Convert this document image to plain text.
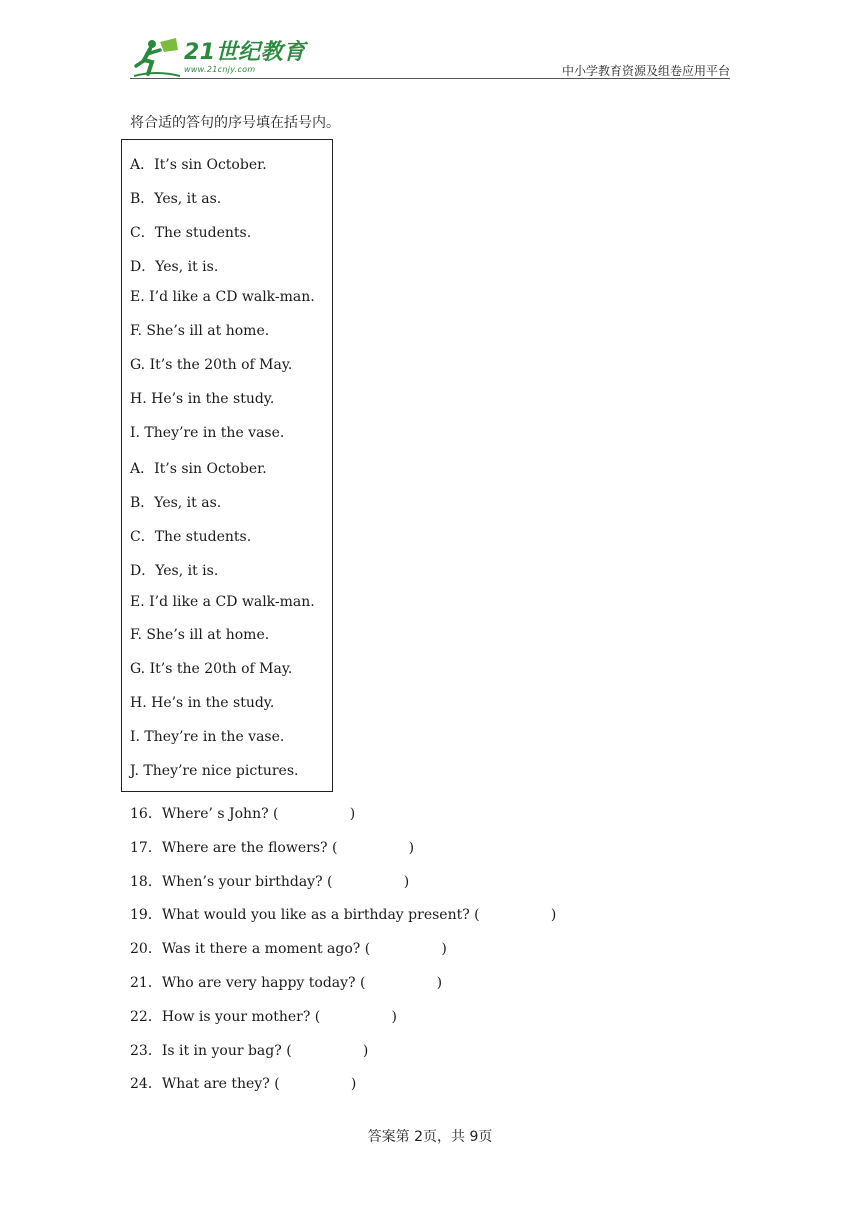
21世纪教育
www.21cnjy.com	中小学教育资源及组卷应用平台
将合适的答句的序号填在括号内。
A．It’s sin October.
B．Yes, it as.
C．The students.
D．Yes, it is.
E. I’d like a CD walk-man.
F. She’s ill at home.
G. It’s the 20th of May.
H. He’s in the study.
I. They’re in the vase.
A．It’s sin October.
B．Yes, it as.
C．The students.
D．Yes, it is.
E. I’d like a CD walk-man.
F. She’s ill at home.
G. It’s the 20th of May.
H. He’s in the study.
I. They’re in the vase.
J. They’re nice pictures.
16．Where’ s John? (                )
17．Where are the flowers? (                )
18．When’s your birthday? (                )
19．What would you like as a birthday present? (                )
20．Was it there a moment ago? (                )
21．Who are very happy today? (                )
22．How is your mother? (                )
23．Is it in your bag? (                )
24．What are they? (                )
答案第 2页，共 9页
